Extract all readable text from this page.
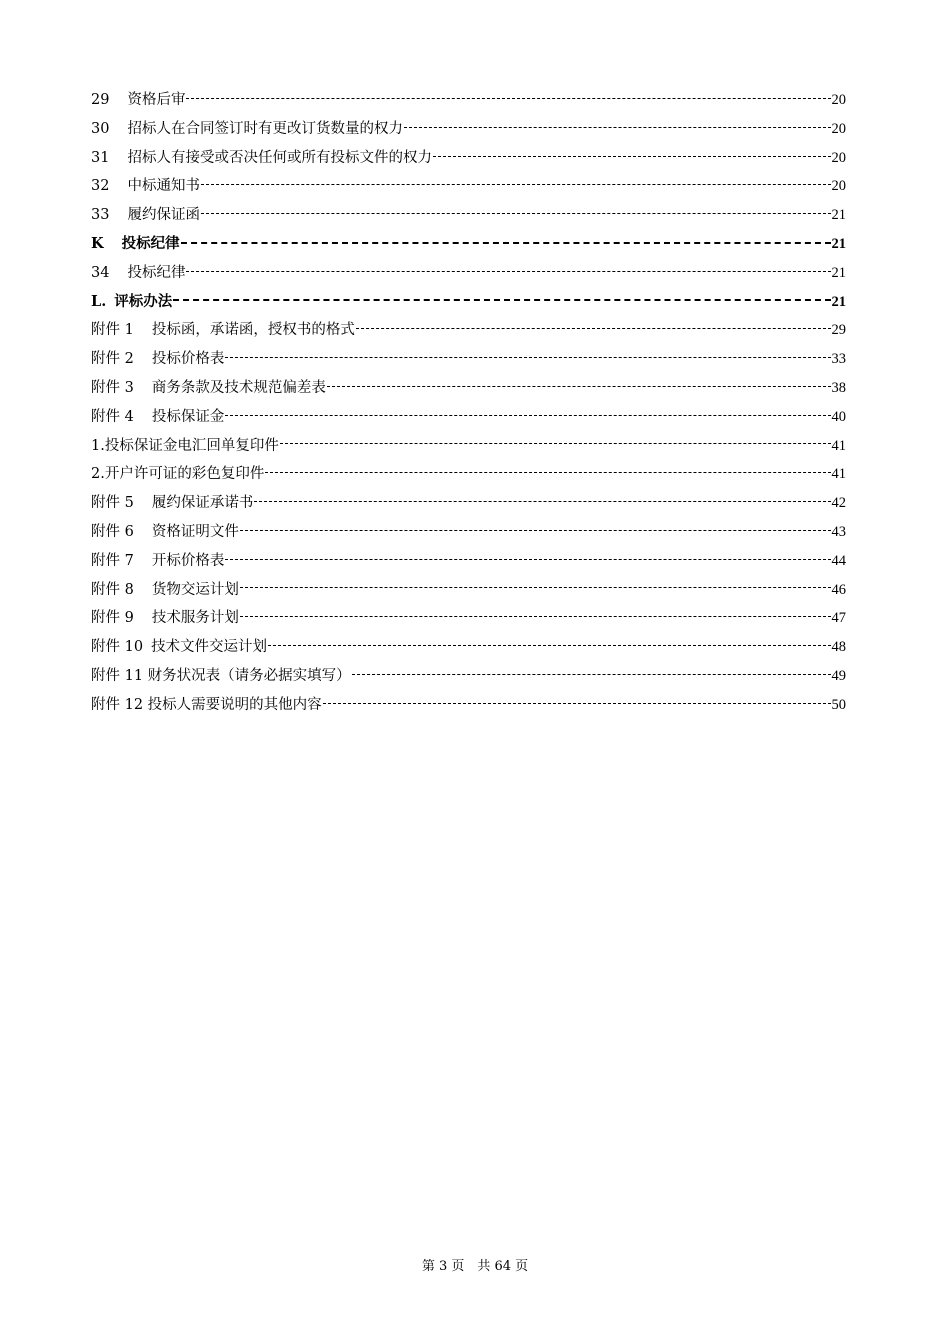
29 资格后审	20
30 招标人在合同签订时有更改订货数量的权力	20
31 招标人有接受或否决任何或所有投标文件的权力	20
32 中标通知书	20
33 履约保证函	21
K 投标纪律	21
34 投标纪律	21
L. 评标办法	21
附件 1 投标函，承诺函，授权书的格式	29
附件 2 投标价格表	33
附件 3 商务条款及技术规范偏差表	38
附件 4 投标保证金	40
1.投标保证金电汇回单复印件	41
2.开户许可证的彩色复印件	41
附件 5 履约保证承诺书	42
附件 6 资格证明文件	43
附件 7 开标价格表	44
附件 8 货物交运计划	46
附件 9 技术服务计划	47
附件 10 技术文件交运计划	48
附件 11 财务状况表（请务必据实填写）	49
附件 12 投标人需要说明的其他内容	50
第 3 页　共 64 页
